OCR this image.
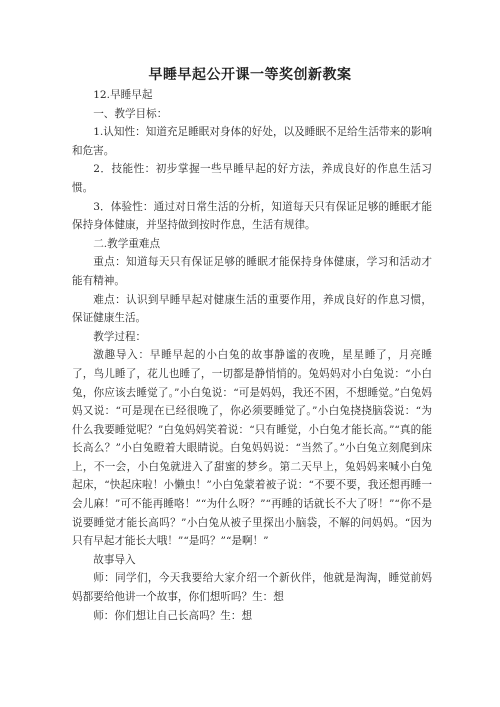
早睡早起公开课一等奖创新教案

12.早睡早起

一、教学目标：

1.认知性：知道充足睡眠对身体的好处，以及睡眠不足给生活带来的影响和危害。

2．技能性：初步掌握一些早睡早起的好方法，养成良好的作息生活习惯。

3．体验性：通过对日常生活的分析，知道每天只有保证足够的睡眠才能保持身体健康，并坚持做到按时作息，生活有规律。

二.教学重难点

重点：知道每天只有保证足够的睡眠才能保持身体健康，学习和活动才能有精神。

难点：认识到早睡早起对健康生活的重要作用，养成良好的作息习惯，保证健康生活。

教学过程：

激趣导入：早睡早起的小白兔的故事静谧的夜晚，星星睡了，月亮睡了，鸟儿睡了，花儿也睡了，一切都是静悄悄的。兔妈妈对小白兔说：“小白兔，你应该去睡觉了。”小白兔说：“可是妈妈，我还不困，不想睡觉。”白兔妈妈又说：“可是现在已经很晚了，你必须要睡觉了。”小白兔挠挠脑袋说：“为什么我要睡觉呢？”白兔妈妈笑着说：“只有睡觉，小白兔才能长高。”“真的能长高么？”小白兔瞪着大眼睛说。白兔妈妈说：“当然了。”小白兔立刻爬到床上，不一会，小白兔就进入了甜蜜的梦乡。第二天早上，兔妈妈来喊小白兔起床，“快起床啦！小懒虫！”小白兔蒙着被子说：“不要不要，我还想再睡一会儿麻！”可不能再睡咯！”“为什么呀？”“再睡的话就长不大了呀！”“你不是说要睡觉才能长高吗？”小白兔从被子里探出小脑袋，不解的问妈妈。“因为只有早起才能长大哦！”“是吗？”“是啊！”

故事导入

师：同学们，今天我要给大家介绍一个新伙伴，他就是淘淘，睡觉前妈妈都要给他讲一个故事，你们想听吗？生：想

师：你们想让自己长高吗？生：想
